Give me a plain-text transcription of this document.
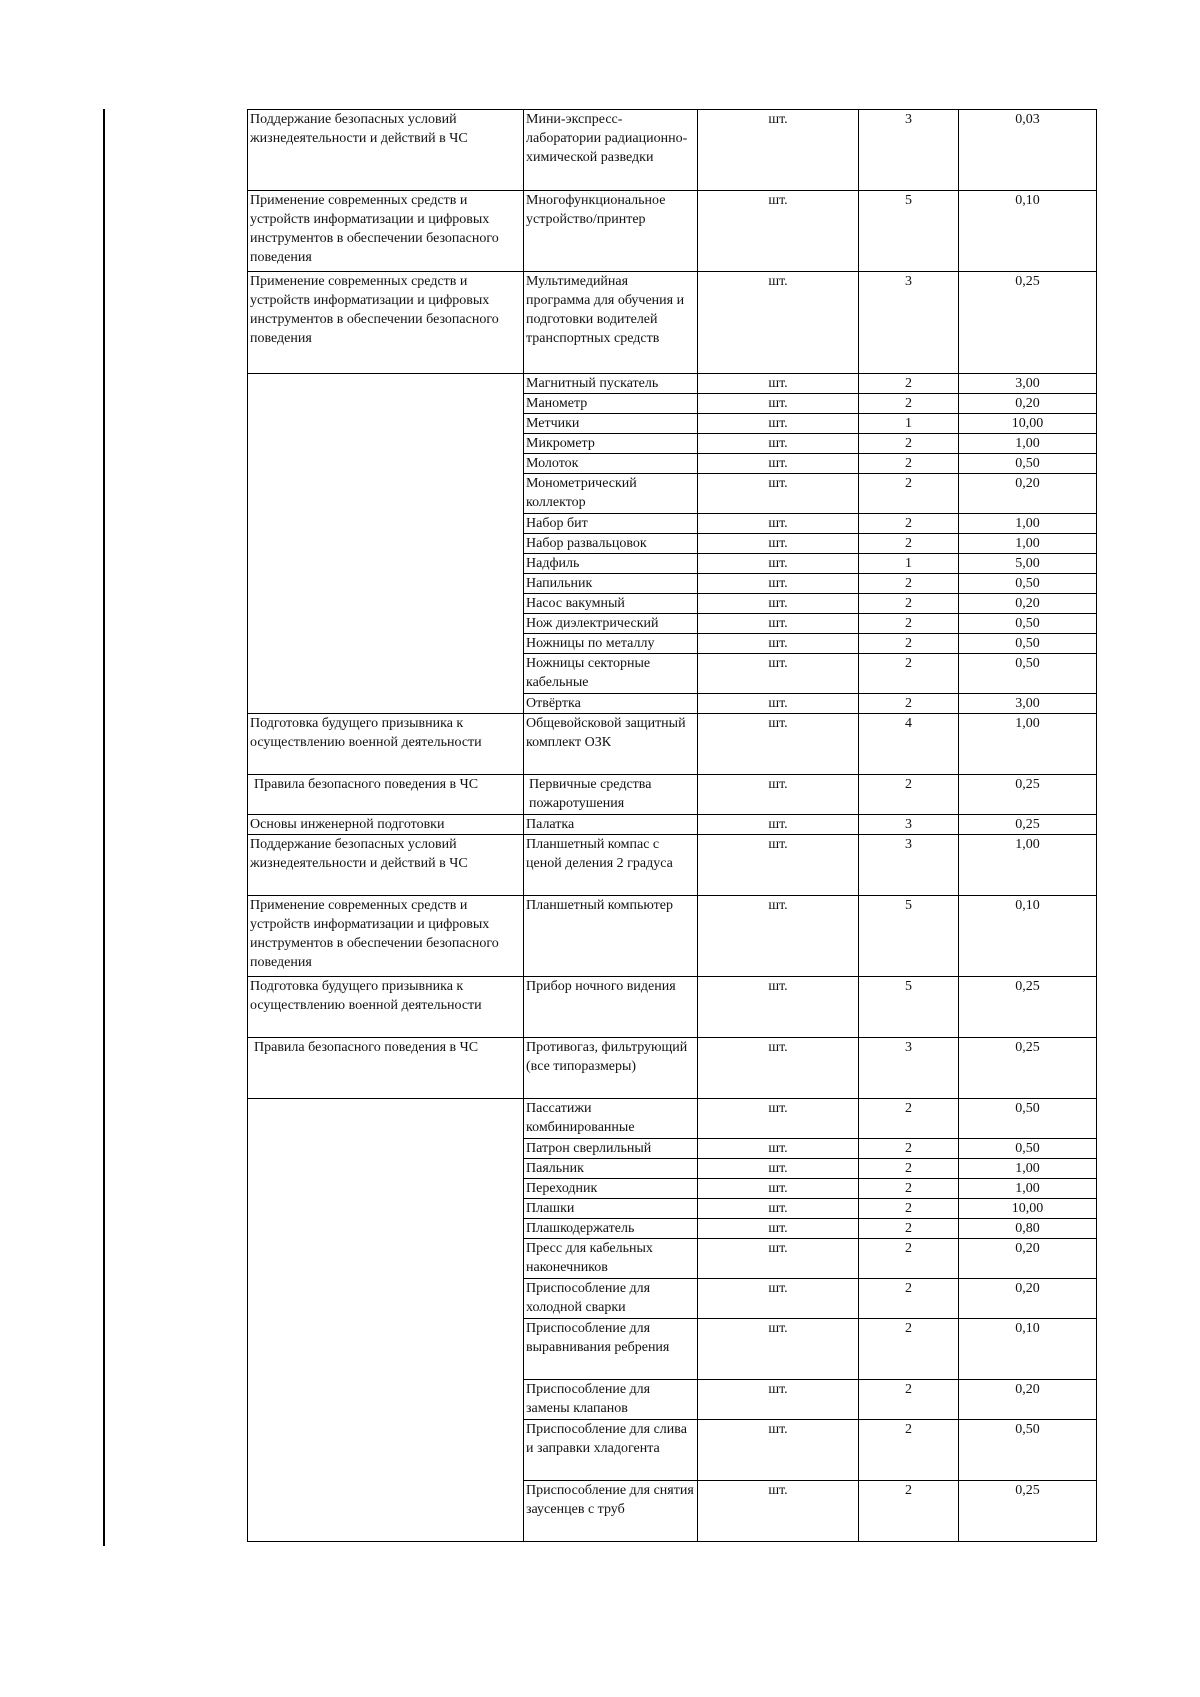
Поддержание безопасных условий жизнедеятельности и действий в ЧС	Мини-экспресс-лаборатории радиационно-химической разведки	шт.	3	0,03
Применение современных средств и устройств информатизации и цифровых инструментов в обеспечении безопасного поведения	Многофункциональное устройство/принтер	шт.	5	0,10
Применение современных средств и устройств информатизации и цифровых инструментов в обеспечении безопасного поведения	Мультимедийная программа для обучения и подготовки водителей транспортных средств	шт.	3	0,25
	Магнитный пускатель	шт.	2	3,00
	Манометр	шт.	2	0,20
	Метчики	шт.	1	10,00
	Микрометр	шт.	2	1,00
	Молоток	шт.	2	0,50
	Монометрический коллектор	шт.	2	0,20
	Набор бит	шт.	2	1,00
	Набор развальцовок	шт.	2	1,00
	Надфиль	шт.	1	5,00
	Напильник	шт.	2	0,50
	Насос вакумный	шт.	2	0,20
	Нож диэлектрический	шт.	2	0,50
	Ножницы по металлу	шт.	2	0,50
	Ножницы секторные кабельные	шт.	2	0,50
	Отвёртка	шт.	2	3,00
Подготовка будущего призывника к осуществлению военной деятельности	Общевойсковой защитный комплект ОЗК	шт.	4	1,00
Правила безопасного поведения в ЧС	Первичные средства пожаротушения	шт.	2	0,25
Основы инженерной подготовки	Палатка	шт.	3	0,25
Поддержание безопасных условий жизнедеятельности и действий в ЧС	Планшетный компас с ценой деления 2 градуса	шт.	3	1,00
Применение современных средств и устройств информатизации и цифровых инструментов в обеспечении безопасного поведения	Планшетный компьютер	шт.	5	0,10
Подготовка будущего призывника к осуществлению военной деятельности	Прибор ночного видения	шт.	5	0,25
Правила безопасного поведения в ЧС	Противогаз, фильтрующий (все типоразмеры)	шт.	3	0,25
	Пассатижи комбинированные	шт.	2	0,50
	Патрон сверлильный	шт.	2	0,50
	Паяльник	шт.	2	1,00
	Переходник	шт.	2	1,00
	Плашки	шт.	2	10,00
	Плашкодержатель	шт.	2	0,80
	Пресс для кабельных наконечников	шт.	2	0,20
	Приспособление для холодной сварки	шт.	2	0,20
	Приспособление для выравнивания ребрения	шт.	2	0,10
	Приспособление для замены клапанов	шт.	2	0,20
	Приспособление для слива и заправки хладогента	шт.	2	0,50
	Приспособление для снятия заусенцев с труб	шт.	2	0,25
